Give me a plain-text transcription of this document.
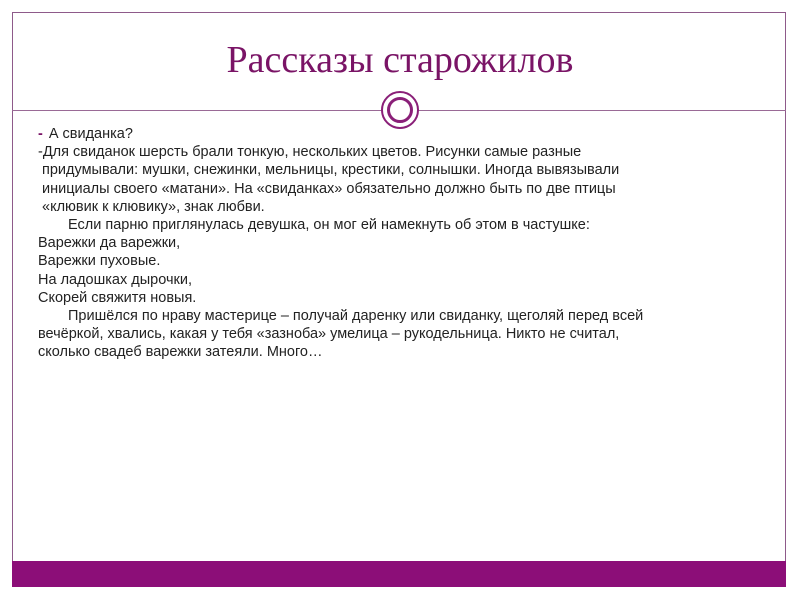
Рассказы старожилов

- А свиданка?

-Для свиданок шерсть брали тонкую, нескольких цветов. Рисунки самые разные

придумывали: мушки, снежинки, мельницы, крестики, солнышки. Иногда вывязывали

инициалы своего «матани». На «свиданках» обязательно должно быть по две птицы

«клювик к клювику», знак любви.

Если парню приглянулась девушка, он мог ей намекнуть об этом в частушке:

Варежки да варежки,

Варежки пуховые.

На ладошках дырочки,

Скорей свяжитя новыя.

Пришёлся по нраву мастерице – получай даренку или свиданку, щеголяй перед всей

вечёркой, хвались, какая у тебя «зазноба» умелица – рукодельница. Никто не считал,

сколько свадеб варежки затеяли. Много…
